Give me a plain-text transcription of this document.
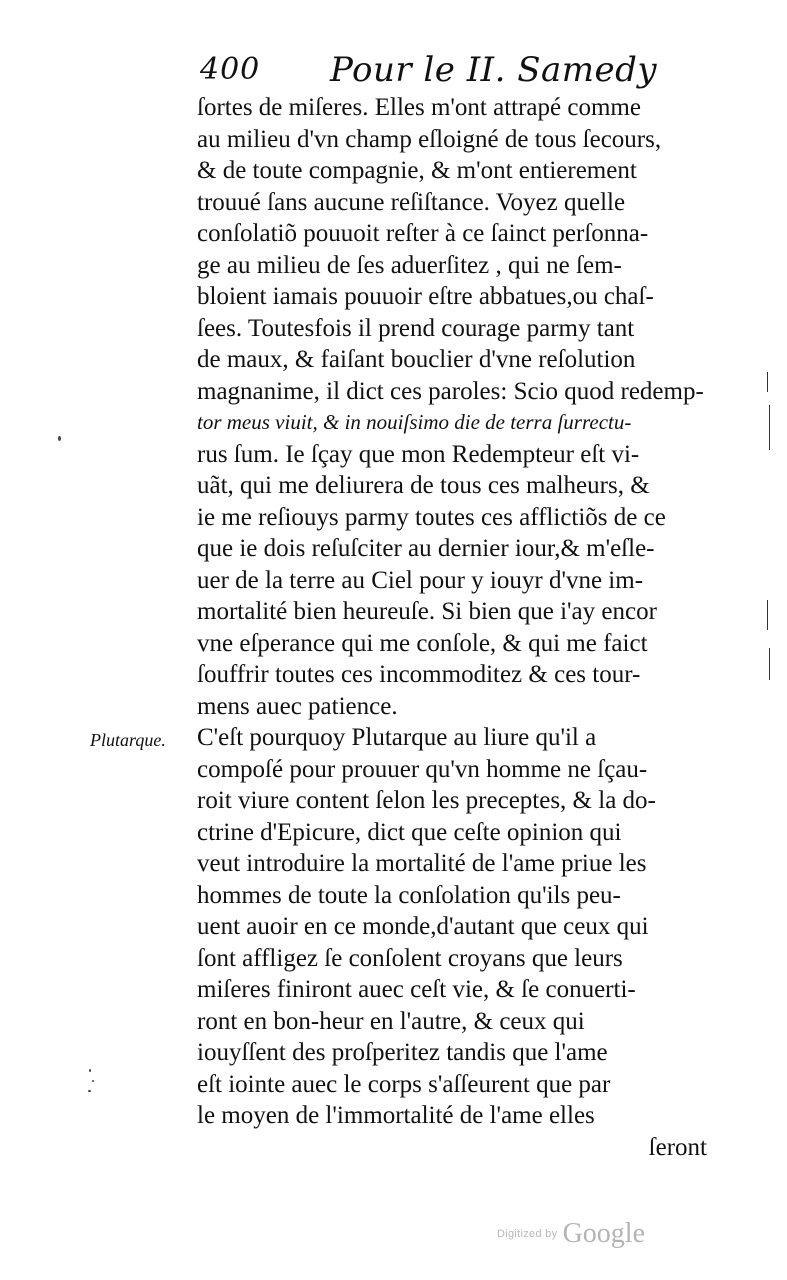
400 Pour le II. Samedy
ſortes de miſeres. Elles m'ont attrapé comme
au milieu d'vn champ eſloigné de tous ſecours,
& de toute compagnie, & m'ont entierement
trouué ſans aucune reſiſtance. Voyez quelle
conſolatiõ pouuoit reſter à ce ſainct perſonna-
ge au milieu de ſes aduerſitez , qui ne ſem-
bloient iamais pouuoir eſtre abbatues,ou chaſ-
ſees. Toutesfois il prend courage parmy tant
de maux, & faiſant bouclier d'vne reſolution
magnanime, il dict ces paroles: Scio quod redemp-
tor meus viuit, & in nouiſsimo die de terra ſurrectu-
rus ſum. Ie ſçay que mon Redempteur eſt vi-
uãt, qui me deliurera de tous ces malheurs, &
ie me reſiouys parmy toutes ces afflictiõs de ce
que ie dois reſuſciter au dernier iour,& m'eſle-
uer de la terre au Ciel pour y iouyr d'vne im-
mortalité bien heureuſe. Si bien que i'ay encor
vne eſperance qui me conſole, & qui me faict
ſouffrir toutes ces incommoditez & ces tour-
mens auec patience.
C'eſt pourquoy Plutarque au liure qu'il a
compoſé pour prouuer qu'vn homme ne ſçau-
roit viure content ſelon les preceptes, & la do-
ctrine d'Epicure, dict que ceſte opinion qui
veut introduire la mortalité de l'ame priue les
hommes de toute la conſolation qu'ils peu-
uent auoir en ce monde,d'autant que ceux qui
ſont affligez ſe conſolent croyans que leurs
miſeres finiront auec ceſt vie, & ſe conuerti-
ront en bon-heur en l'autre, & ceux qui
iouyſſent des proſperitez tandis que l'ame
eſt iointe auec le corps s'aſſeurent que par
le moyen de l'immortalité de l'ame elles
ſeront
Plutarque.
Digitized by Google
